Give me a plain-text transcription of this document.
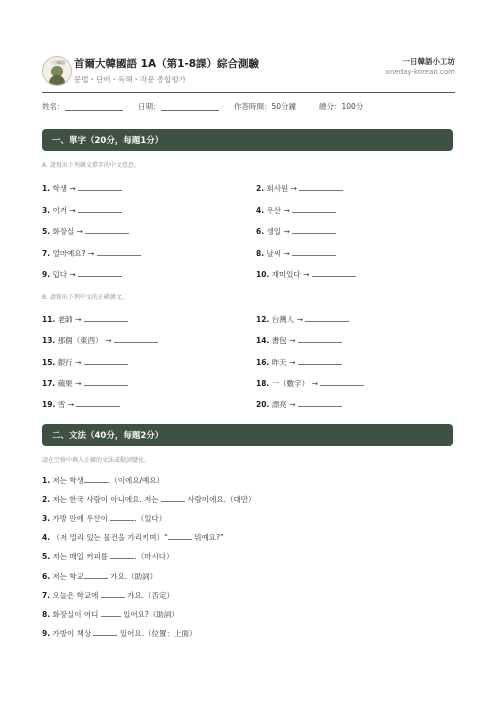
一日韓語 首爾大韓國語 1A（第1-8課）綜合測驗
문법・단어・독해・작문 종합평가
一日韓語小工坊
oneday-korean.com
姓名：	日期：	作答時間：50分鐘	總分：100分
一、單字（20分，每題1分）
A. 請寫出下列韓文單字的中文意思。
1. 학생 →	2. 회사원 →
3. 이거 →	4. 우산 →
5. 화장실 →	6. 생일 →
7. 얼마예요? →	8. 날씨 →
9. 덥다 →	10. 재미있다 →
B. 請寫出下列中文的正確韓文。
11. 老師 →	12. 台灣人 →
13. 那個（東西） →	14. 書包 →
15. 銀行 →	16. 昨天 →
17. 蘋果 →	18. 一（數字） →
19. 雪 →	20. 漂亮 →
二、文法（40分，每題2分）
請在空格中填入正確的文法或動詞變化。
1. 저는 학생	.（이에요/예요）
2. 저는 한국 사람이 아니에요. 저는	사람이에요.（대만）
3. 가방 안에 우산이	.（있다）
4. （저 멀리 있는 물건을 가리키며）“	뭐예요?”
5. 저는 매일 커피를	.（마시다）
6. 저는 학교	가요.（助詞）
7. 오늘은 학교에	가요.（否定）
8. 화장실이 어디	있어요?（助詞）
9. 가방이 책상	있어요.（位置：上面）
